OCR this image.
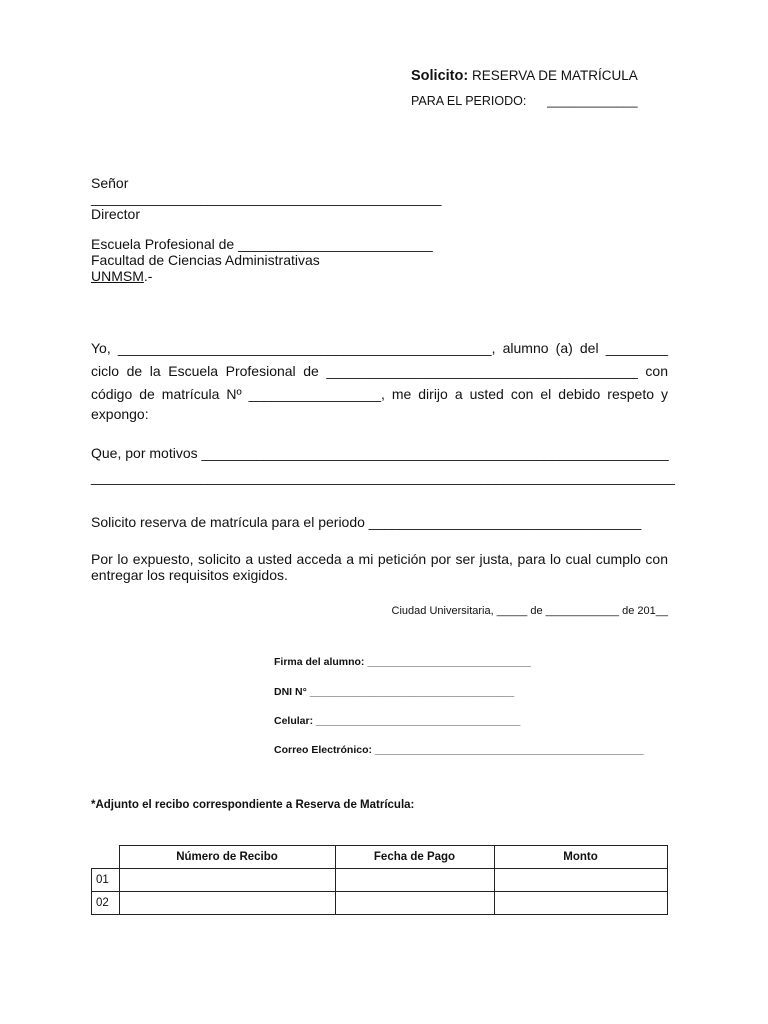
Solicito: RESERVA DE MATRÍCULA
PARA EL PERIODO: _____________
Señor
_____________________________________________
Director
Escuela Profesional de _________________________
Facultad de Ciencias Administrativas
UNMSM.-
Yo, ________________________________________________, alumno (a) del ________
ciclo de la Escuela Profesional de ________________________________________ con
código de matrícula Nº _________________, me dirijo a usted con el debido respeto y
expongo:
Que, por motivos ____________________________________________________________
___________________________________________________________________________
Solicito reserva de matrícula para el periodo ___________________________________
Por lo expuesto, solicito a usted acceda a mi petición por ser justa, para lo cual cumplo con entregar los requisitos exigidos.
Ciudad Universitaria, _____ de ____________ de 201__
Firma del alumno: ____________________________
DNI N° ___________________________________
Celular: ___________________________________
Correo Electrónico: ______________________________________________
*Adjunto el recibo correspondiente a Reserva de Matrícula:
	Número de Recibo	Fecha de Pago	Monto
01			
02			
